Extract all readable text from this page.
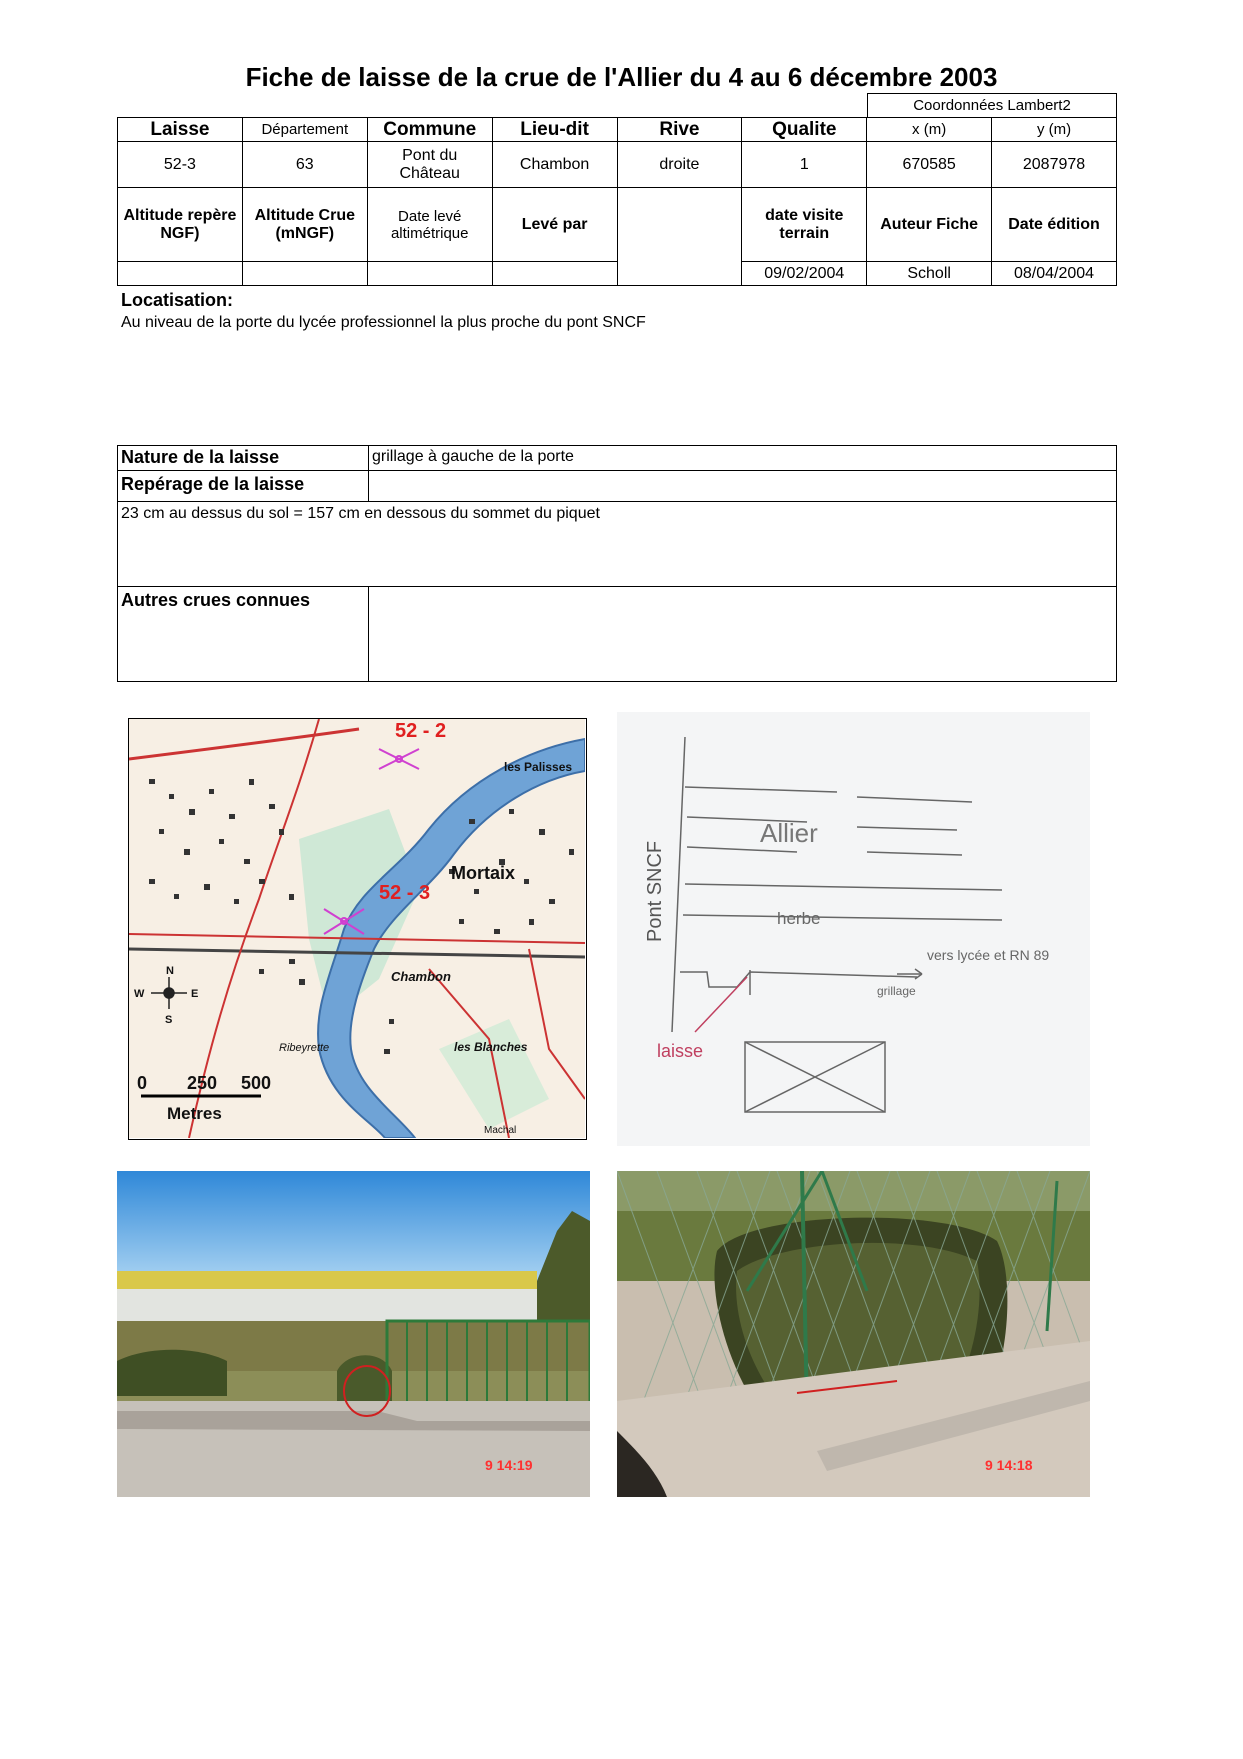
Fiche de laisse de la crue de l'Allier du 4 au 6 décembre 2003
Coordonnées Lambert2
Laisse	Département	Commune	Lieu-dit	Rive	Qualite	x (m)	y (m)
52-3	63	Pont du Château	Chambon	droite	1	670585	2087978
Altitude repère NGF)	Altitude Crue (mNGF)	Date levé altimétrique	Levé par		date visite terrain	Auteur Fiche	Date édition
					09/02/2004	Scholl	08/04/2004
Locatisation:
Au niveau de la porte du lycée professionnel la plus proche du pont SNCF
Nature de la laisse	grillage à gauche de la porte
Repérage de la laisse
23 cm au dessus du sol = 157 cm en dessous du sommet du piquet
Autres crues connues
52 - 2
les Palisses
Mortaix
52 - 3
Chambon
Ribeyrette	les Blanches
Machal
N
E
S
W
0 250 500
Metres
Pont SNCF
Allier
herbe
vers lycée et RN 89
grillage
laisse
9 14:19	9 14:18
